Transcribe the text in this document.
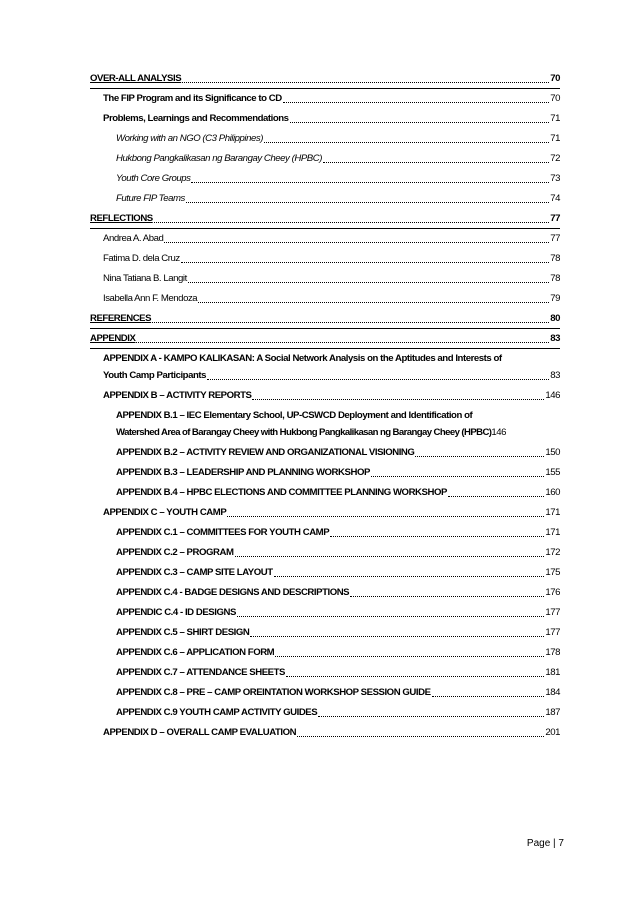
OVER-ALL ANALYSIS	70
The FIP Program and its Significance to CD	70
Problems, Learnings and Recommendations	71
Working with an NGO (C3 Philippines)	71
Hukbong Pangkalikasan ng Barangay Cheey (HPBC)	72
Youth Core Groups	73
Future FIP Teams	74
REFLECTIONS	77
Andrea A. Abad	77
Fatima D. dela Cruz	78
Nina Tatiana B. Langit	78
Isabella Ann F. Mendoza	79
REFERENCES	80
APPENDIX	83
APPENDIX A - KAMPO KALIKASAN: A Social Network Analysis on the Aptitudes and Interests of
Youth Camp Participants	83
APPENDIX B – ACTIVITY REPORTS	146
APPENDIX B.1 – IEC Elementary School, UP-CSWCD Deployment and Identification of
Watershed Area of Barangay Cheey with Hukbong Pangkalikasan ng Barangay Cheey (HPBC) 146
APPENDIX B.2 – ACTIVITY REVIEW AND ORGANIZATIONAL VISIONING	150
APPENDIX B.3 – LEADERSHIP AND PLANNING WORKSHOP	155
APPENDIX B.4 – HPBC ELECTIONS AND COMMITTEE PLANNING WORKSHOP	160
APPENDIX C – YOUTH CAMP	171
APPENDIX C.1 – COMMITTEES FOR YOUTH CAMP	171
APPENDIX C.2 – PROGRAM	172
APPENDIX C.3 – CAMP SITE LAYOUT	175
APPENDIX C.4 - BADGE DESIGNS AND DESCRIPTIONS	176
APPENDIC C.4 - ID DESIGNS	177
APPENDIX C.5 – SHIRT DESIGN	177
APPENDIX C.6 – APPLICATION FORM	178
APPENDIX C.7 – ATTENDANCE SHEETS	181
APPENDIX C.8 – PRE – CAMP OREINTATION WORKSHOP SESSION GUIDE	184
APPENDIX C.9 YOUTH CAMP ACTIVITY GUIDES	187
APPENDIX D – OVERALL CAMP EVALUATION	201
Page | 7
